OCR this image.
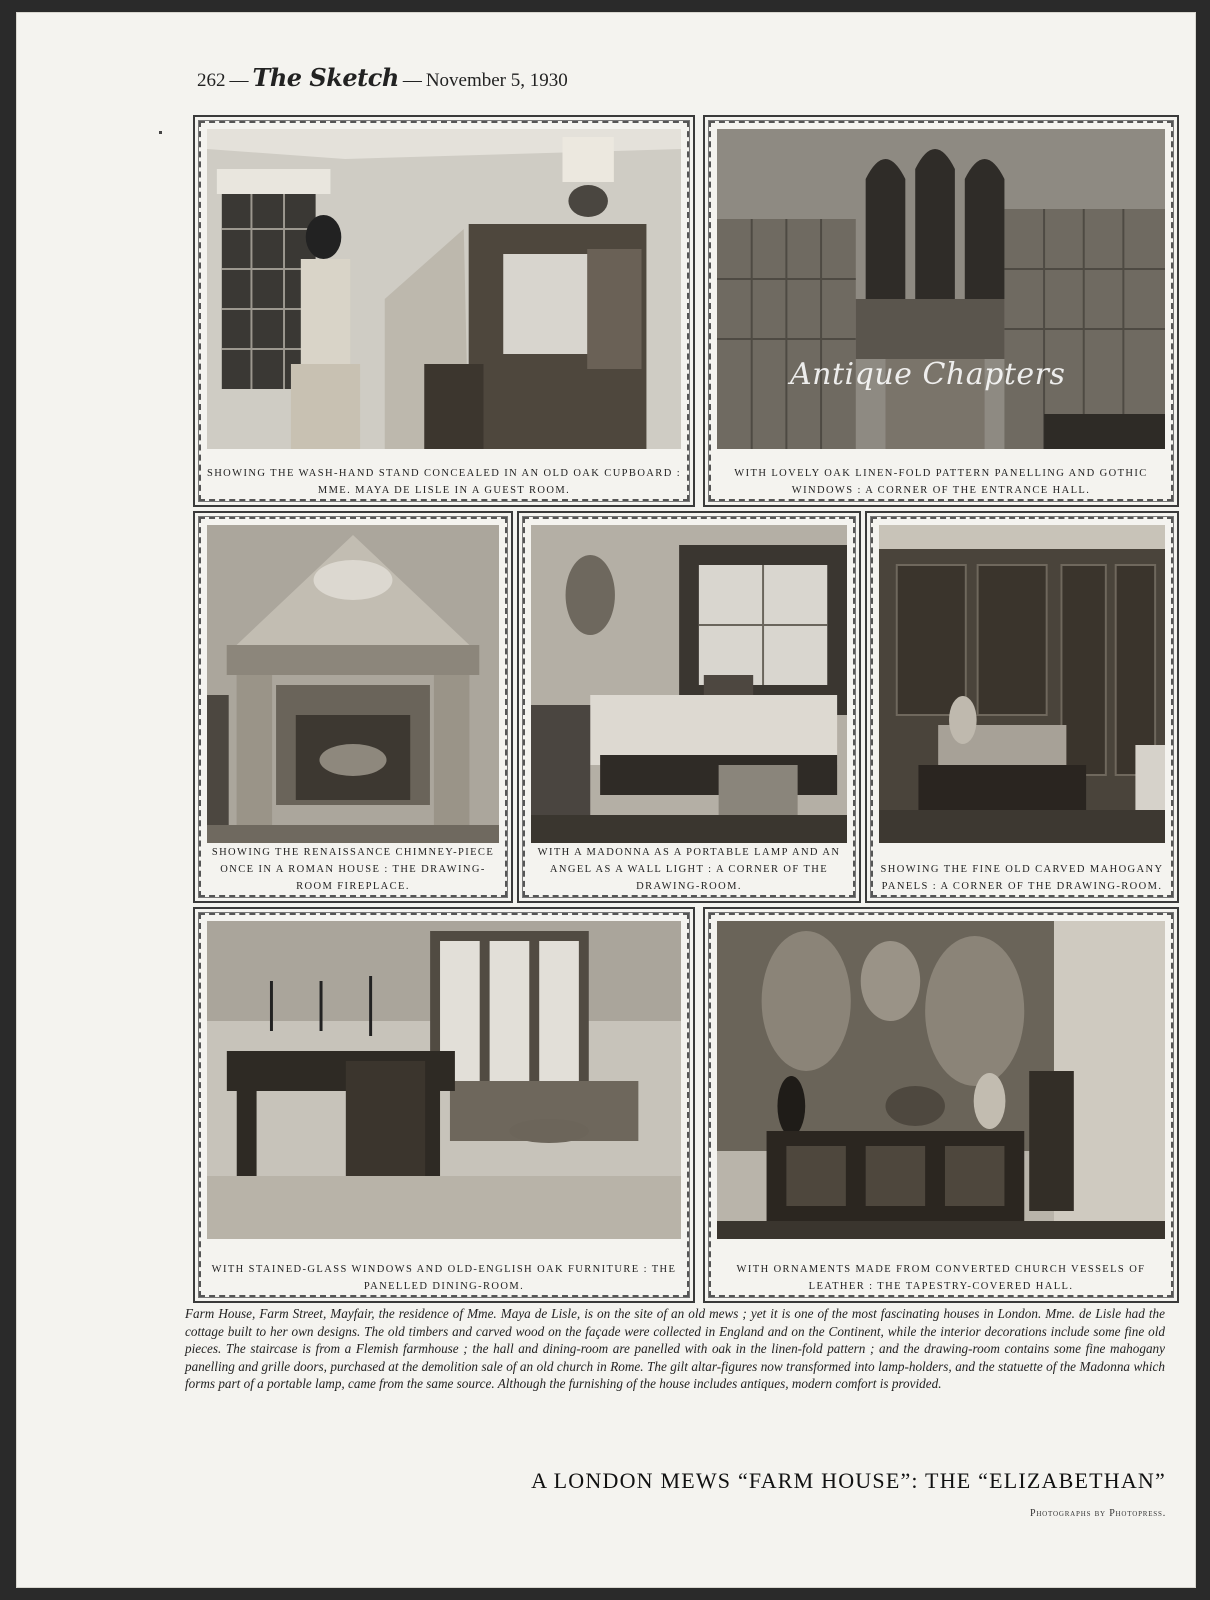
262 — The Sketch — November 5, 1930
SHOWING THE WASH-HAND STAND CONCEALED IN AN OLD OAK CUPBOARD : MME. MAYA DE LISLE IN A GUEST ROOM.
WITH LOVELY OAK LINEN-FOLD PATTERN PANELLING AND GOTHIC WINDOWS : A CORNER OF THE ENTRANCE HALL.
SHOWING THE RENAISSANCE CHIMNEY-PIECE ONCE IN A ROMAN HOUSE : THE DRAWING-ROOM FIREPLACE.
WITH A MADONNA AS A PORTABLE LAMP AND AN ANGEL AS A WALL LIGHT : A CORNER OF THE DRAWING-ROOM.
SHOWING THE FINE OLD CARVED MAHOGANY PANELS : A CORNER OF THE DRAWING-ROOM.
WITH STAINED-GLASS WINDOWS AND OLD-ENGLISH OAK FURNITURE : THE PANELLED DINING-ROOM.
WITH ORNAMENTS MADE FROM CONVERTED CHURCH VESSELS OF LEATHER : THE TAPESTRY-COVERED HALL.
Antique Chapters
Farm House, Farm Street, Mayfair, the residence of Mme. Maya de Lisle, is on the site of an old mews ; yet it is one of the most fascinating houses in London. Mme. de Lisle had the cottage built to her own designs. The old timbers and carved wood on the façade were collected in England and on the Continent, while the interior decorations include some fine old pieces. The staircase is from a Flemish farmhouse ; the hall and dining-room are panelled with oak in the linen-fold pattern ; and the drawing-room contains some fine mahogany panelling and grille doors, purchased at the demolition sale of an old church in Rome. The gilt altar-figures now transformed into lamp-holders, and the statuette of the Madonna which forms part of a portable lamp, came from the same source. Although the furnishing of the house includes antiques, modern comfort is provided.
A LONDON MEWS “FARM HOUSE”: THE “ELIZABETHAN”
Photographs by Photopress.
